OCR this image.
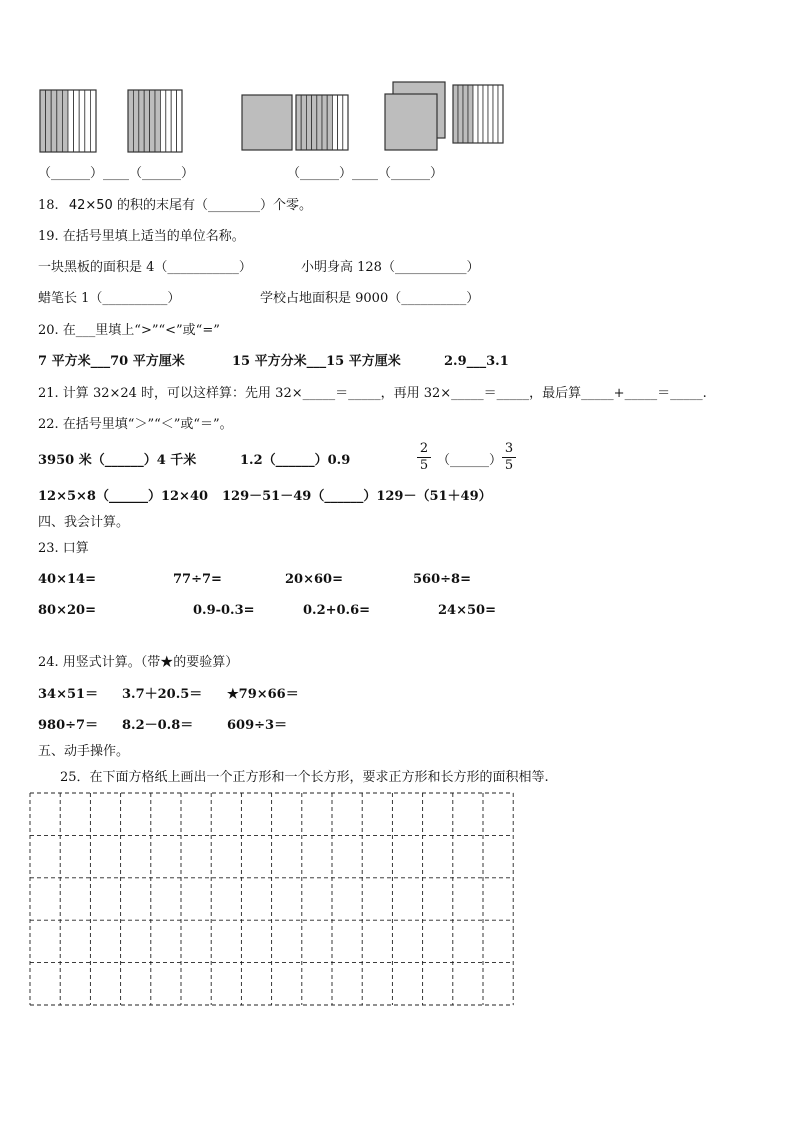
（______）____（______）	（______）____（______）
18. 42×50 的积的末尾有（________）个零。
19. 在括号里填上适当的单位名称。
一块黑板的面积是 4（___________）	小明身高 128（___________）
蜡笔长 1（__________）	学校占地面积是 9000（__________）
20. 在___里填上“>”“<”或“=”
7 平方米___70 平方厘米	15 平方分米___15 平方厘米	2.9___3.1
21. 计算 32×24 时，可以这样算：先用 32×_____＝_____，再用 32×_____＝_____，最后算_____+_____＝_____.
22. 在括号里填“＞”“＜”或“＝”。
3950 米（______）4 千米	1.2（______）0.9	$\frac{2}{5}$ （______） $\frac{3}{5}$
12×5×8（______）12×40 129－51－49（______）129－（51＋49）
四、我会计算。
23. 口算
40×14=	77÷7=	20×60=	560÷8=
80×20=	0.9-0.3=	0.2+0.6=	24×50=
24. 用竖式计算。（带★的要验算）
34×51＝ 3.7＋20.5＝ ★79×66＝
980÷7＝ 8.2－0.8＝	609÷3＝
五、动手操作。
25．在下面方格纸上画出一个正方形和一个长方形，要求正方形和长方形的面积相等.
